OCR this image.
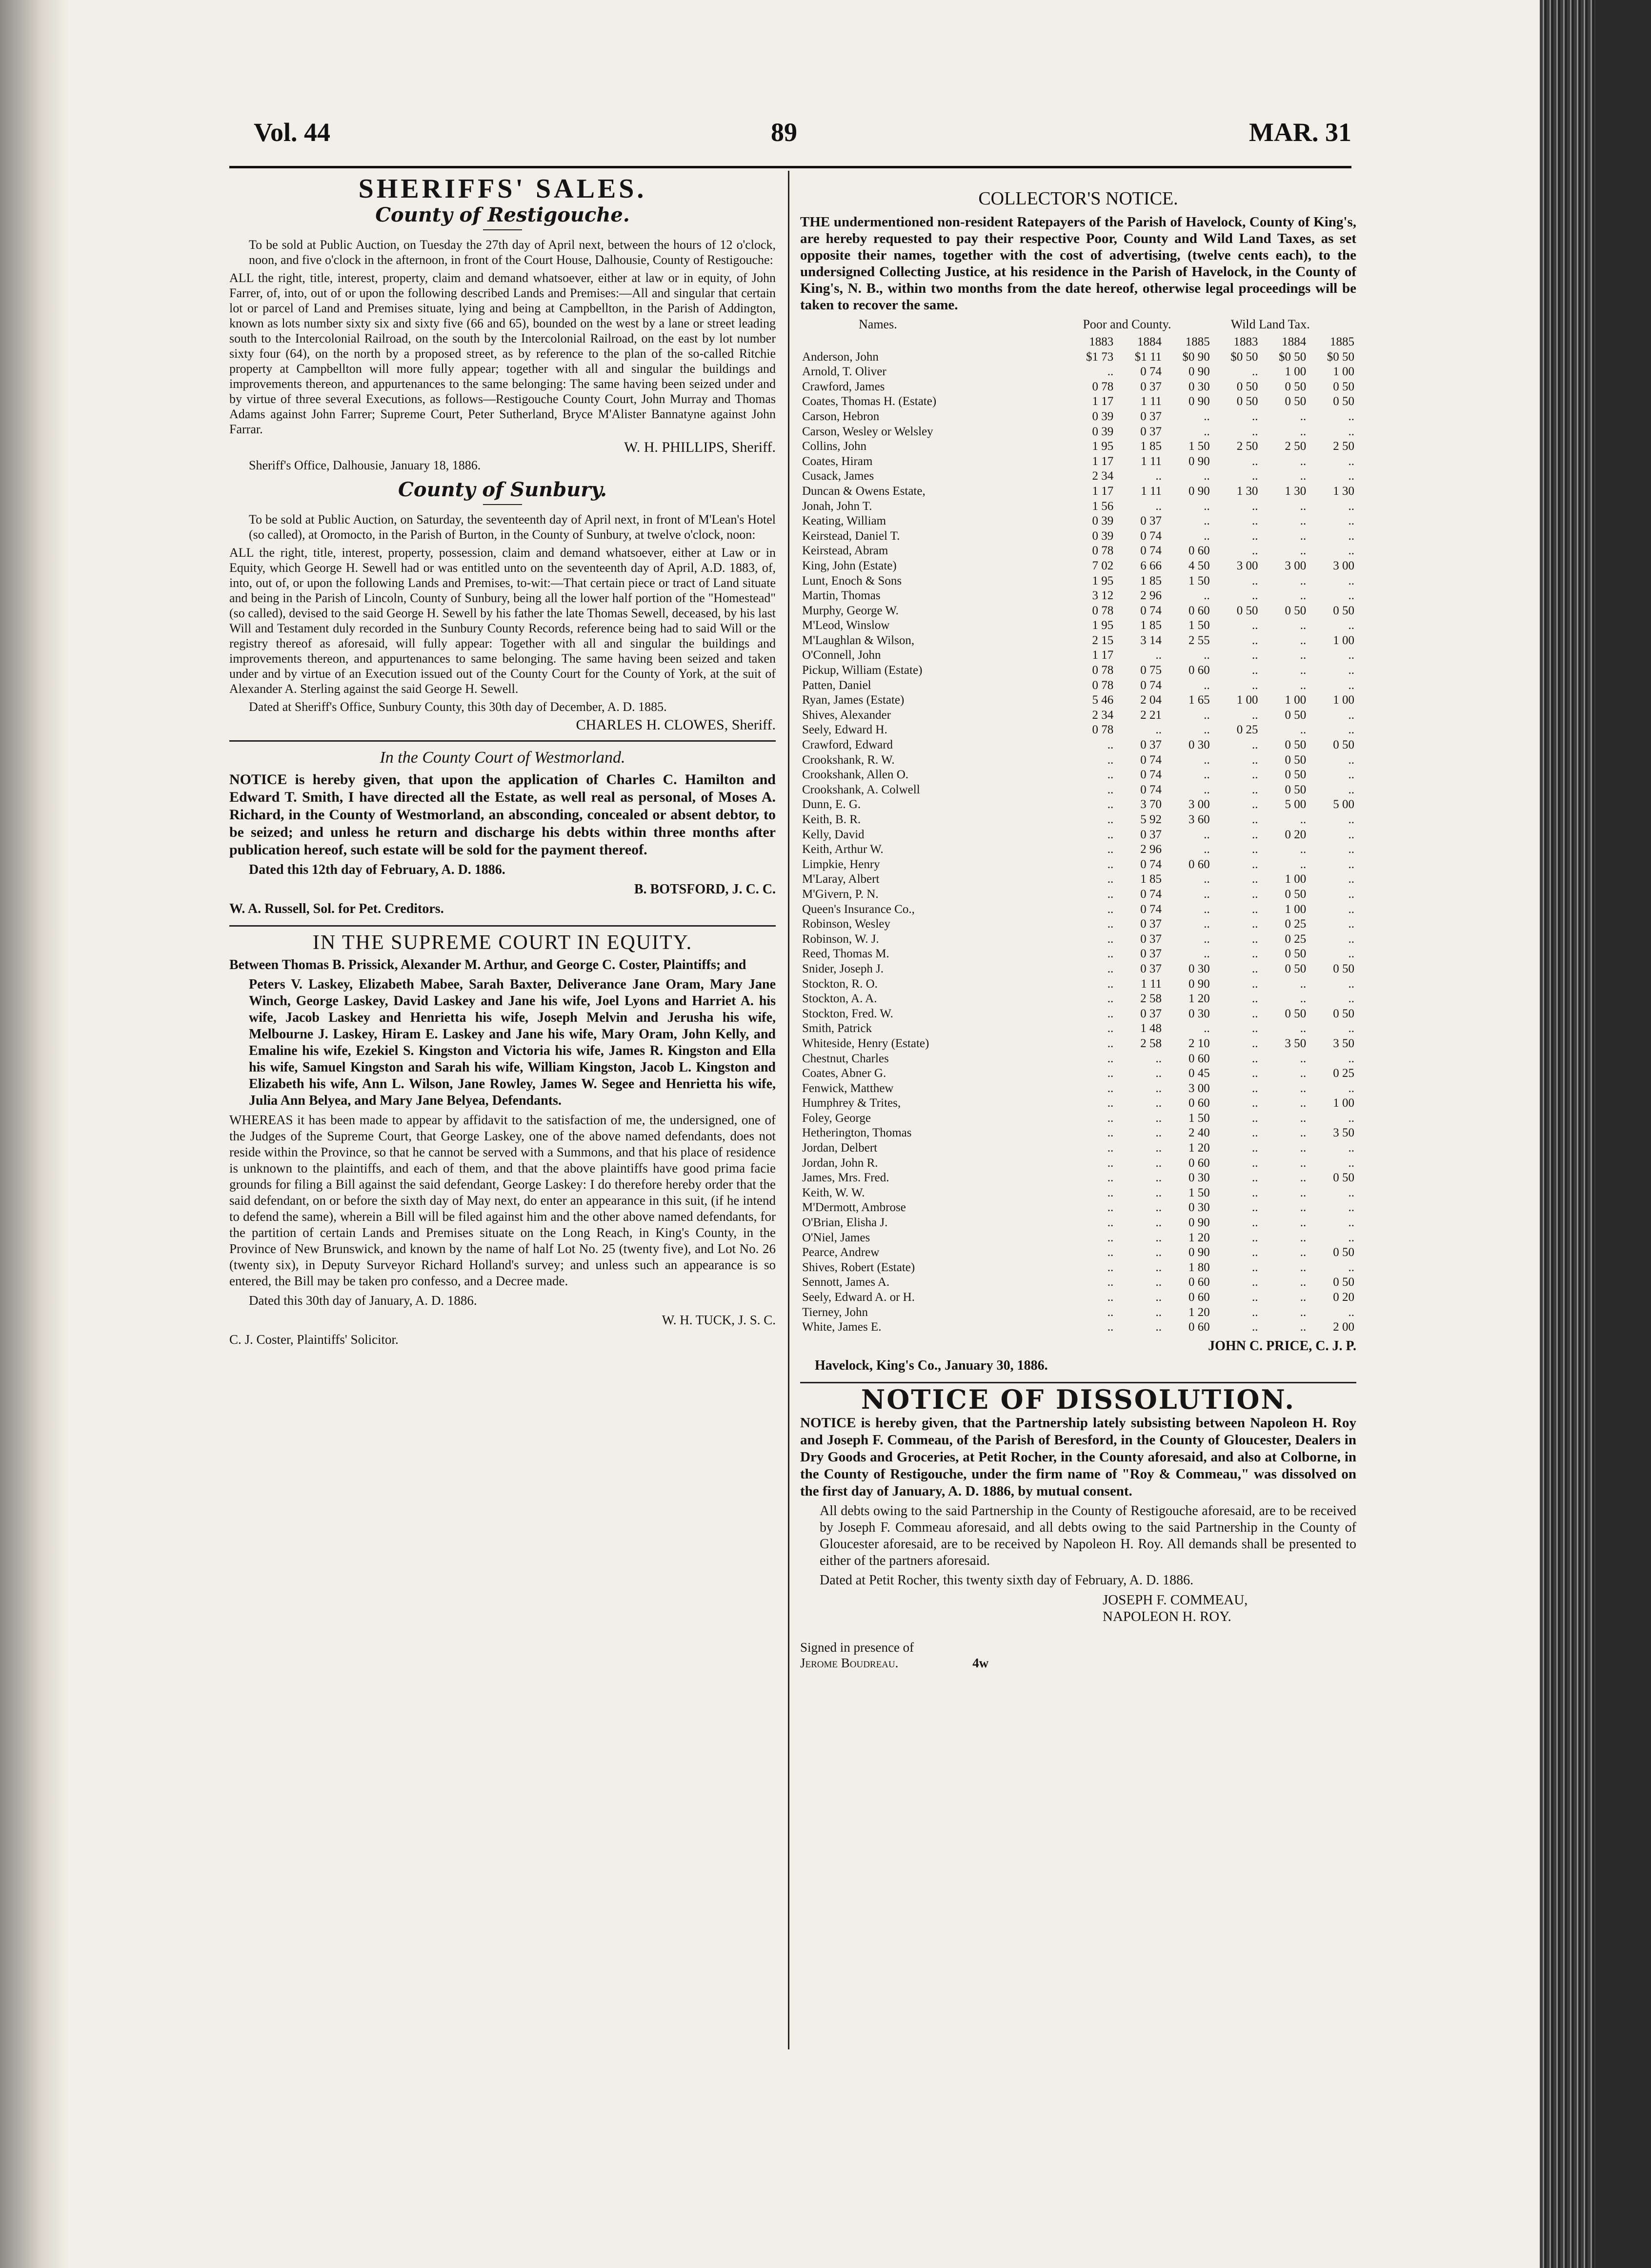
Vol. 44	89	MAR. 31
SHERIFFS' SALES.
County of Restigouche.

To be sold at Public Auction, on Tuesday the 27th day of April next, between the hours of 12 o'clock, noon, and five o'clock in the afternoon, in front of the Court House, Dalhousie, County of Restigouche:

ALL the right, title, interest, property, claim and demand whatsoever, either at law or in equity, of John Farrer, of, into, out of or upon the following described Lands and Premises:—All and singular that certain lot or parcel of Land and Premises situate, lying and being at Campbellton, in the Parish of Addington, known as lots number sixty six and sixty five (66 and 65), bounded on the west by a lane or street leading south to the Intercolonial Railroad, on the south by the Intercolonial Railroad, on the east by lot number sixty four (64), on the north by a proposed street, as by reference to the plan of the so-called Ritchie property at Campbellton will more fully appear; together with all and singular the buildings and improvements thereon, and appurtenances to the same belonging: The same having been seized under and by virtue of three several Executions, as follows—Restigouche County Court, John Murray and Thomas Adams against John Farrer; Supreme Court, Peter Sutherland, Bryce M'Alister Bannatyne against John Farrar.

W. H. PHILLIPS, Sheriff.

Sheriff's Office, Dalhousie, January 18, 1886.

County of Sunbury.

To be sold at Public Auction, on Saturday, the seventeenth day of April next, in front of M'Lean's Hotel (so called), at Oromocto, in the Parish of Burton, in the County of Sunbury, at twelve o'clock, noon:

ALL the right, title, interest, property, possession, claim and demand whatsoever, either at Law or in Equity, which George H. Sewell had or was entitled unto on the seventeenth day of April, A.D. 1883, of, into, out of, or upon the following Lands and Premises, to-wit:—That certain piece or tract of Land situate and being in the Parish of Lincoln, County of Sunbury, being all the lower half portion of the "Homestead" (so called), devised to the said George H. Sewell by his father the late Thomas Sewell, deceased, by his last Will and Testament duly recorded in the Sunbury County Records, reference being had to said Will or the registry thereof as aforesaid, will fully appear: Together with all and singular the buildings and improvements thereon, and appurtenances to same belonging. The same having been seized and taken under and by virtue of an Execution issued out of the County Court for the County of York, at the suit of Alexander A. Sterling against the said George H. Sewell.

Dated at Sheriff's Office, Sunbury County, this 30th day of December, A. D. 1885.

CHARLES H. CLOWES, Sheriff.
In the County Court of Westmorland.

NOTICE is hereby given, that upon the application of Charles C. Hamilton and Edward T. Smith, I have directed all the Estate, as well real as personal, of Moses A. Richard, in the County of Westmorland, an absconding, concealed or absent debtor, to be seized; and unless he return and discharge his debts within three months after publication hereof, such estate will be sold for the payment thereof.

Dated this 12th day of February, A. D. 1886.

B. BOTSFORD, J. C. C.

W. A. Russell, Sol. for Pet. Creditors.

IN THE SUPREME COURT IN EQUITY.

Between Thomas B. Prissick, Alexander M. Arthur, and George C. Coster, Plaintiffs; and

Peters V. Laskey, Elizabeth Mabee, Sarah Baxter, Deliverance Jane Oram, Mary Jane Winch, George Laskey, David Laskey and Jane his wife, Joel Lyons and Harriet A. his wife, Jacob Laskey and Henrietta his wife, Joseph Melvin and Jerusha his wife, Melbourne J. Laskey, Hiram E. Laskey and Jane his wife, Mary Oram, John Kelly, and Emaline his wife, Ezekiel S. Kingston and Victoria his wife, James R. Kingston and Ella his wife, Samuel Kingston and Sarah his wife, William Kingston, Jacob L. Kingston and Elizabeth his wife, Ann L. Wilson, Jane Rowley, James W. Segee and Henrietta his wife, Julia Ann Belyea, and Mary Jane Belyea, Defendants.

WHEREAS it has been made to appear by affidavit to the satisfaction of me, the undersigned, one of the Judges of the Supreme Court, that George Laskey, one of the above named defendants, does not reside within the Province, so that he cannot be served with a Summons, and that his place of residence is unknown to the plaintiffs, and each of them, and that the above plaintiffs have good prima facie grounds for filing a Bill against the said defendant, George Laskey: I do therefore hereby order that the said defendant, on or before the sixth day of May next, do enter an appearance in this suit, (if he intend to defend the same), wherein a Bill will be filed against him and the other above named defendants, for the partition of certain Lands and Premises situate on the Long Reach, in King's County, in the Province of New Brunswick, and known by the name of half Lot No. 25 (twenty five), and Lot No. 26 (twenty six), in Deputy Surveyor Richard Holland's survey; and unless such an appearance is so entered, the Bill may be taken pro confesso, and a Decree made.

Dated this 30th day of January, A. D. 1886.

W. H. TUCK, J. S. C.

C. J. Coster, Plaintiffs' Solicitor.

COLLECTOR'S NOTICE.

THE undermentioned non-resident Ratepayers of the Parish of Havelock, County of King's, are hereby requested to pay their respective Poor, County and Wild Land Taxes, as set opposite their names, together with the cost of advertising, (twelve cents each), to the undersigned Collecting Justice, at his residence in the Parish of Havelock, in the County of King's, N. B., within two months from the date hereof, otherwise legal proceedings will be taken to recover the same.

Names.	Poor and County.	Wild Land Tax.
	1883	1884	1885	1883	1884	1885
Anderson, John	$1 73	$1 11	$0 90	$0 50	$0 50	$0 50
Arnold, T. Oliver	..	0 74	0 90	..	1 00	1 00
Crawford, James	0 78	0 37	0 30	0 50	0 50	0 50
Coates, Thomas H. (Estate)	1 17	1 11	0 90	0 50	0 50	0 50
Carson, Hebron	0 39	0 37	..	..	..	..
Carson, Wesley or Welsley	0 39	0 37	..	..	..	..
Collins, John	1 95	1 85	1 50	2 50	2 50	2 50
Coates, Hiram	1 17	1 11	0 90	..	..	..
Cusack, James	2 34	..	..	..	..	..
Duncan & Owens Estate,	1 17	1 11	0 90	1 30	1 30	1 30
Jonah, John T.	1 56	..	..	..	..	..
Keating, William	0 39	0 37	..	..	..	..
Keirstead, Daniel T.	0 39	0 74	..	..	..	..
Keirstead, Abram	0 78	0 74	0 60	..	..	..
King, John (Estate)	7 02	6 66	4 50	3 00	3 00	3 00
Lunt, Enoch & Sons	1 95	1 85	1 50	..	..	..
Martin, Thomas	3 12	2 96	..	..	..	..
Murphy, George W.	0 78	0 74	0 60	0 50	0 50	0 50
M'Leod, Winslow	1 95	1 85	1 50	..	..	..
M'Laughlan & Wilson,	2 15	3 14	2 55	..	..	1 00
O'Connell, John	1 17	..	..	..	..	..
Pickup, William (Estate)	0 78	0 75	0 60	..	..	..
Patten, Daniel	0 78	0 74	..	..	..	..
Ryan, James (Estate)	5 46	2 04	1 65	1 00	1 00	1 00
Shives, Alexander	2 34	2 21	..	..	0 50	..
Seely, Edward H.	0 78	..	..	0 25	..	..
Crawford, Edward	..	0 37	0 30	..	0 50	0 50
Crookshank, R. W.	..	0 74	..	..	0 50	..
Crookshank, Allen O.	..	0 74	..	..	0 50	..
Crookshank, A. Colwell	..	0 74	..	..	0 50	..
Dunn, E. G.	..	3 70	3 00	..	5 00	5 00
Keith, B. R.	..	5 92	3 60	..	..	..
Kelly, David	..	0 37	..	..	0 20	..
Keith, Arthur W.	..	2 96	..	..	..	..
Limpkie, Henry	..	0 74	0 60	..	..	..
M'Laray, Albert	..	1 85	..	..	1 00	..
M'Givern, P. N.	..	0 74	..	..	0 50	..
Queen's Insurance Co.,	..	0 74	..	..	1 00	..
Robinson, Wesley	..	0 37	..	..	0 25	..
Robinson, W. J.	..	0 37	..	..	0 25	..
Reed, Thomas M.	..	0 37	..	..	0 50	..
Snider, Joseph J.	..	0 37	0 30	..	0 50	0 50
Stockton, R. O.	..	1 11	0 90	..	..	..
Stockton, A. A.	..	2 58	1 20	..	..	..
Stockton, Fred. W.	..	0 37	0 30	..	0 50	0 50
Smith, Patrick	..	1 48	..	..	..	..
Whiteside, Henry (Estate)	..	2 58	2 10	..	3 50	3 50
Chestnut, Charles	..	..	0 60	..	..	..
Coates, Abner G.	..	..	0 45	..	..	0 25
Fenwick, Matthew	..	..	3 00	..	..	..
Humphrey & Trites,	..	..	0 60	..	..	1 00
Foley, George	..	..	1 50	..	..	..
Hetherington, Thomas	..	..	2 40	..	..	3 50
Jordan, Delbert	..	..	1 20	..	..	..
Jordan, John R.	..	..	0 60	..	..	..
James, Mrs. Fred.	..	..	0 30	..	..	0 50
Keith, W. W.	..	..	1 50	..	..	..
M'Dermott, Ambrose	..	..	0 30	..	..	..
O'Brian, Elisha J.	..	..	0 90	..	..	..
O'Niel, James	..	..	1 20	..	..	..
Pearce, Andrew	..	..	0 90	..	..	0 50
Shives, Robert (Estate)	..	..	1 80	..	..	..
Sennott, James A.	..	..	0 60	..	..	0 50
Seely, Edward A. or H.	..	..	0 60	..	..	0 20
Tierney, John	..	..	1 20	..	..	..
White, James E.	..	..	0 60	..	..	2 00
JOHN C. PRICE, C. J. P.

Havelock, King's Co., January 30, 1886.

NOTICE OF DISSOLUTION.

NOTICE is hereby given, that the Partnership lately subsisting between Napoleon H. Roy and Joseph F. Commeau, of the Parish of Beresford, in the County of Gloucester, Dealers in Dry Goods and Groceries, at Petit Rocher, in the County aforesaid, and also at Colborne, in the County of Restigouche, under the firm name of "Roy & Commeau," was dissolved on the first day of January, A. D. 1886, by mutual consent.

All debts owing to the said Partnership in the County of Restigouche aforesaid, are to be received by Joseph F. Commeau aforesaid, and all debts owing to the said Partnership in the County of Gloucester aforesaid, are to be received by Napoleon H. Roy. All demands shall be presented to either of the partners aforesaid.

Dated at Petit Rocher, this twenty sixth day of February, A. D. 1886.

JOSEPH F. COMMEAU,
NAPOLEON H. ROY.
Signed in presence of
Jerome Boudreau.	4w
